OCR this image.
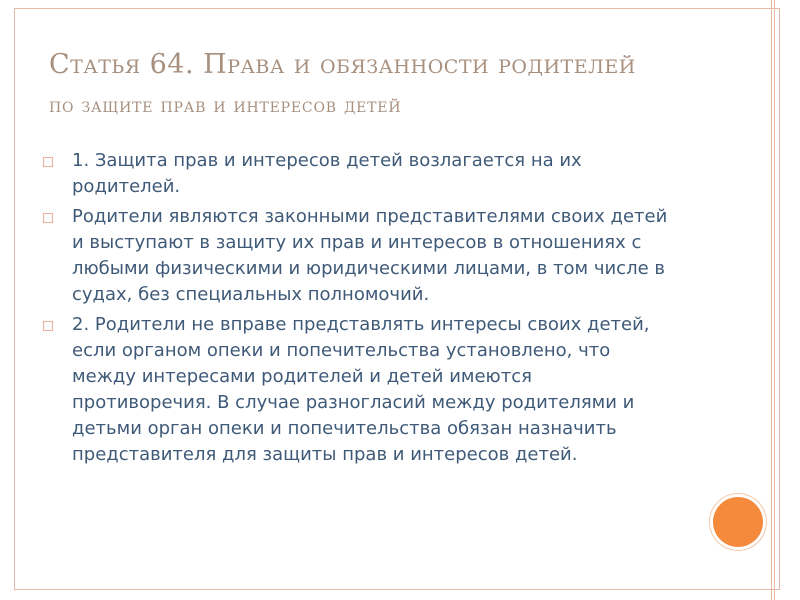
Статья 64. Права и обязанности родителей
по защите прав и интересов детей
1. Защита прав и интересов детей возлагается на их родителей.
Родители являются законными представителями своих детей и выступают в защиту их прав и интересов в отношениях с любыми физическими и юридическими лицами, в том числе в судах, без специальных полномочий.
2. Родители не вправе представлять интересы своих детей, если органом опеки и попечительства установлено, что между интересами родителей и детей имеются противоречия. В случае разногласий между родителями и детьми орган опеки и попечительства обязан назначить представителя для защиты прав и интересов детей.
